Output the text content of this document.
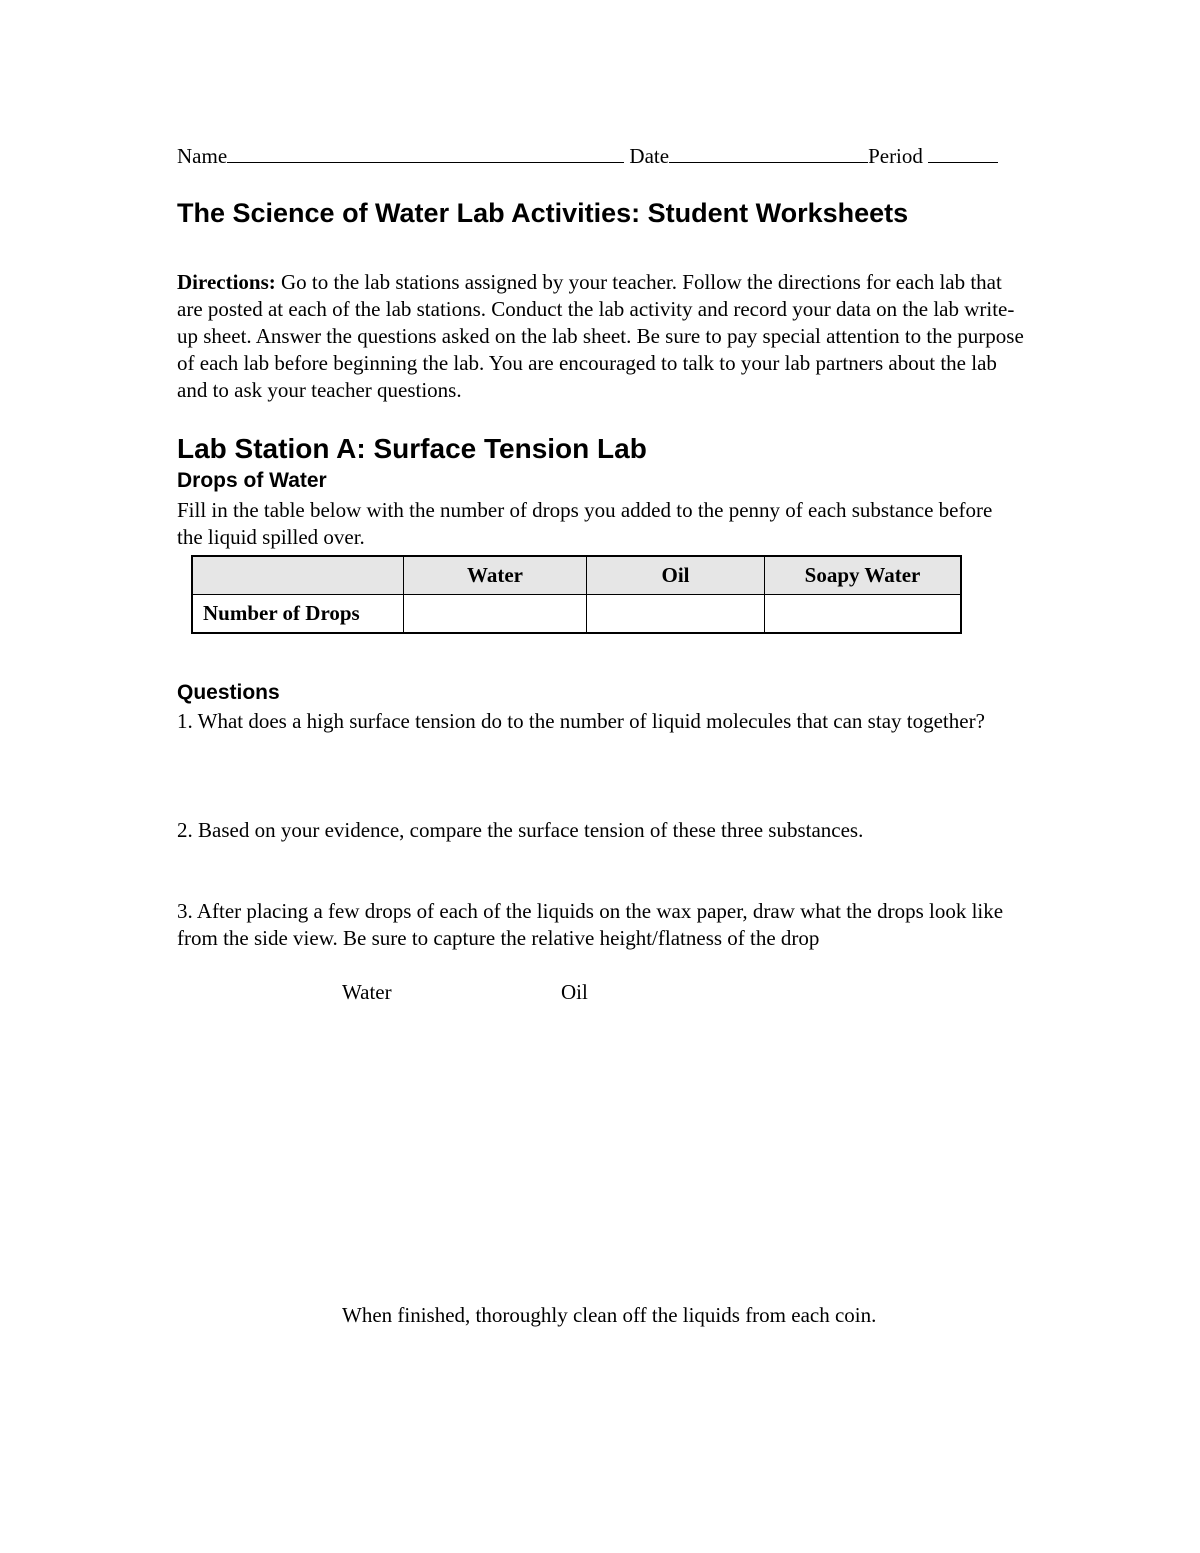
Name	Date	Period
The Science of Water Lab Activities: Student Worksheets
Directions: Go to the lab stations assigned by your teacher. Follow the directions for each lab that are posted at each of the lab stations. Conduct the lab activity and record your data on the lab write-up sheet. Answer the questions asked on the lab sheet. Be sure to pay special attention to the purpose of each lab before beginning the lab. You are encouraged to talk to your lab partners about the lab and to ask your teacher questions.
Lab Station A: Surface Tension Lab
Drops of Water
Fill in the table below with the number of drops you added to the penny of each substance before the liquid spilled over.
	Water	Oil	Soapy Water
Number of Drops			
Questions
1. What does a high surface tension do to the number of liquid molecules that can stay together?
2. Based on your evidence, compare the surface tension of these three substances.
3. After placing a few drops of each of the liquids on the wax paper, draw what the drops look like from the side view. Be sure to capture the relative height/flatness of the drop
Water	Oil
When finished, thoroughly clean off the liquids from each coin.
